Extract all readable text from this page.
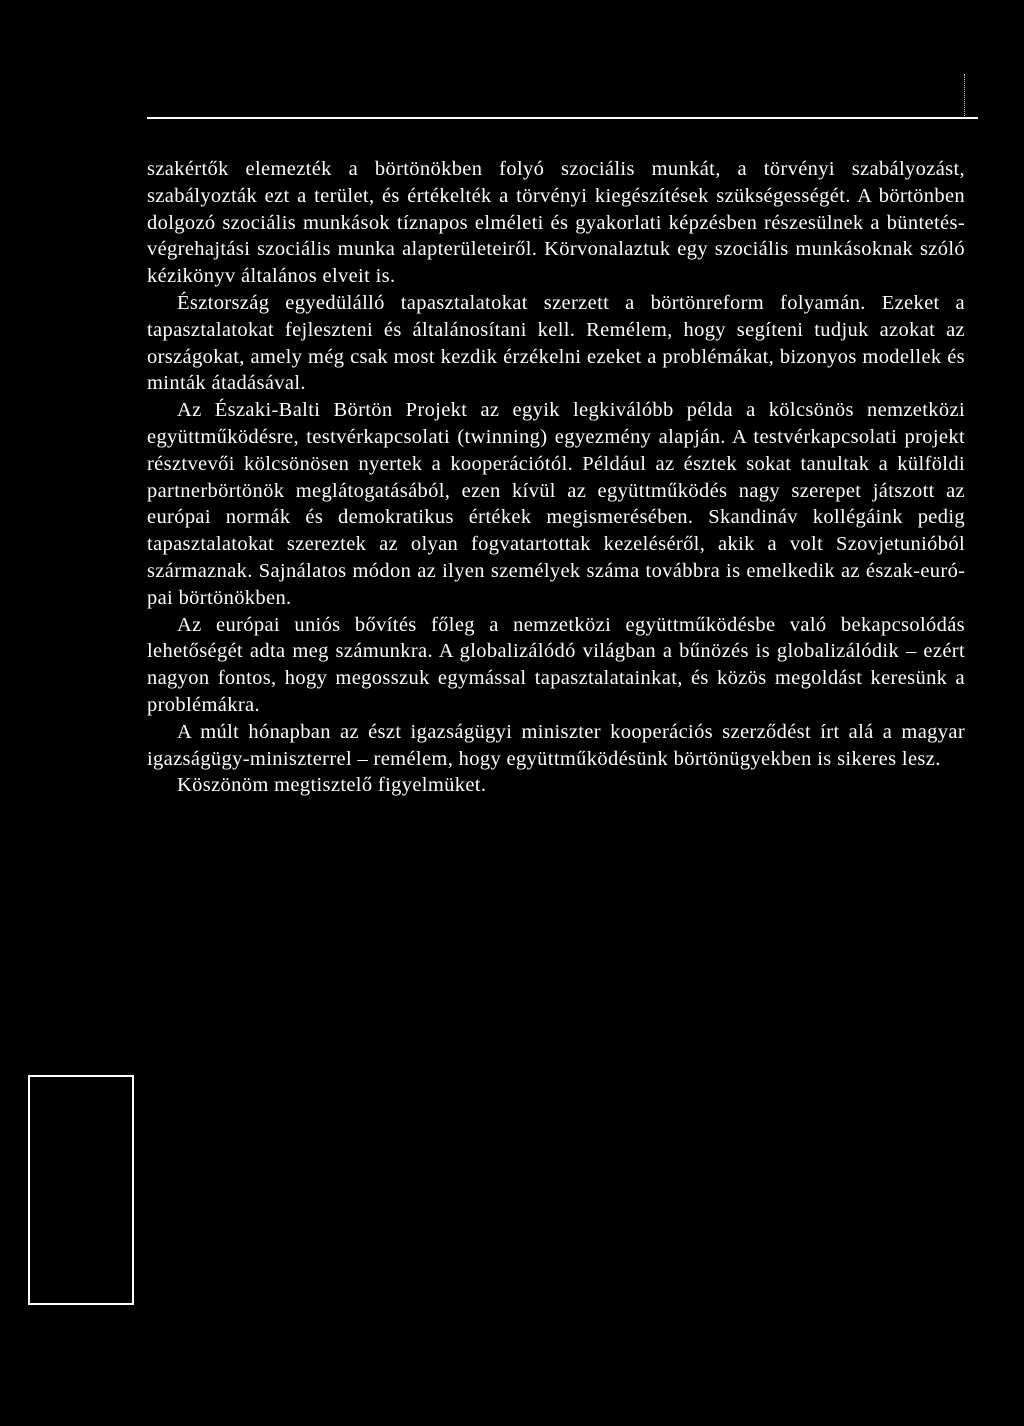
szakértők elemezték a börtönökben folyó szociális munkát, a törvényi szabályozást, szabályozták ezt a terület, és értékelték a törvényi kiegészítések szükségességét. A börtönben dolgozó szociális munkások tíznapos elméleti és gyakorlati képzésben részesülnek a büntetés-végrehajtási szociális munka alapterületeiről. Körvonalaztuk egy szociális munkásoknak szóló kézikönyv általános elveit is.

Észtország egyedülálló tapasztalatokat szerzett a börtönreform folyamán. Ezeket a tapasztalatokat fejleszteni és általánosítani kell. Remélem, hogy segíteni tudjuk azokat az országokat, amely még csak most kezdik érzékelni ezeket a problémákat, bizonyos modellek és minták átadásával.

Az Északi-Balti Börtön Projekt az egyik legkiválóbb példa a kölcsönös nemzetközi együttműködésre, testvérkapcsolati (twinning) egyezmény alapján. A testvérkapcsolati projekt résztvevői kölcsönösen nyertek a kooperációtól. Például az észtek sokat tanultak a külföldi partnerbörtönök meglátogatásából, ezen kívül az együttműködés nagy szerepet játszott az európai normák és demokratikus értékek megismerésében. Skandináv kollégáink pedig tapasztalatokat szereztek az olyan fogvatartottak kezeléséről, akik a volt Szovjetunióból származnak. Sajnálatos módon az ilyen személyek száma továbbra is emelkedik az észak-európai börtönökben.

Az európai uniós bővítés főleg a nemzetközi együttműködésbe való bekapcsolódás lehetőségét adta meg számunkra. A globalizálódó világban a bűnözés is globalizálódik – ezért nagyon fontos, hogy megosszuk egymással tapasztalatainkat, és közös megoldást keresünk a problémákra.

A múlt hónapban az észt igazságügyi miniszter kooperációs szerződést írt alá a magyar igazságügy-miniszterrel – remélem, hogy együttműködésünk börtönügyekben is sikeres lesz.

Köszönöm megtisztelő figyelmüket.
